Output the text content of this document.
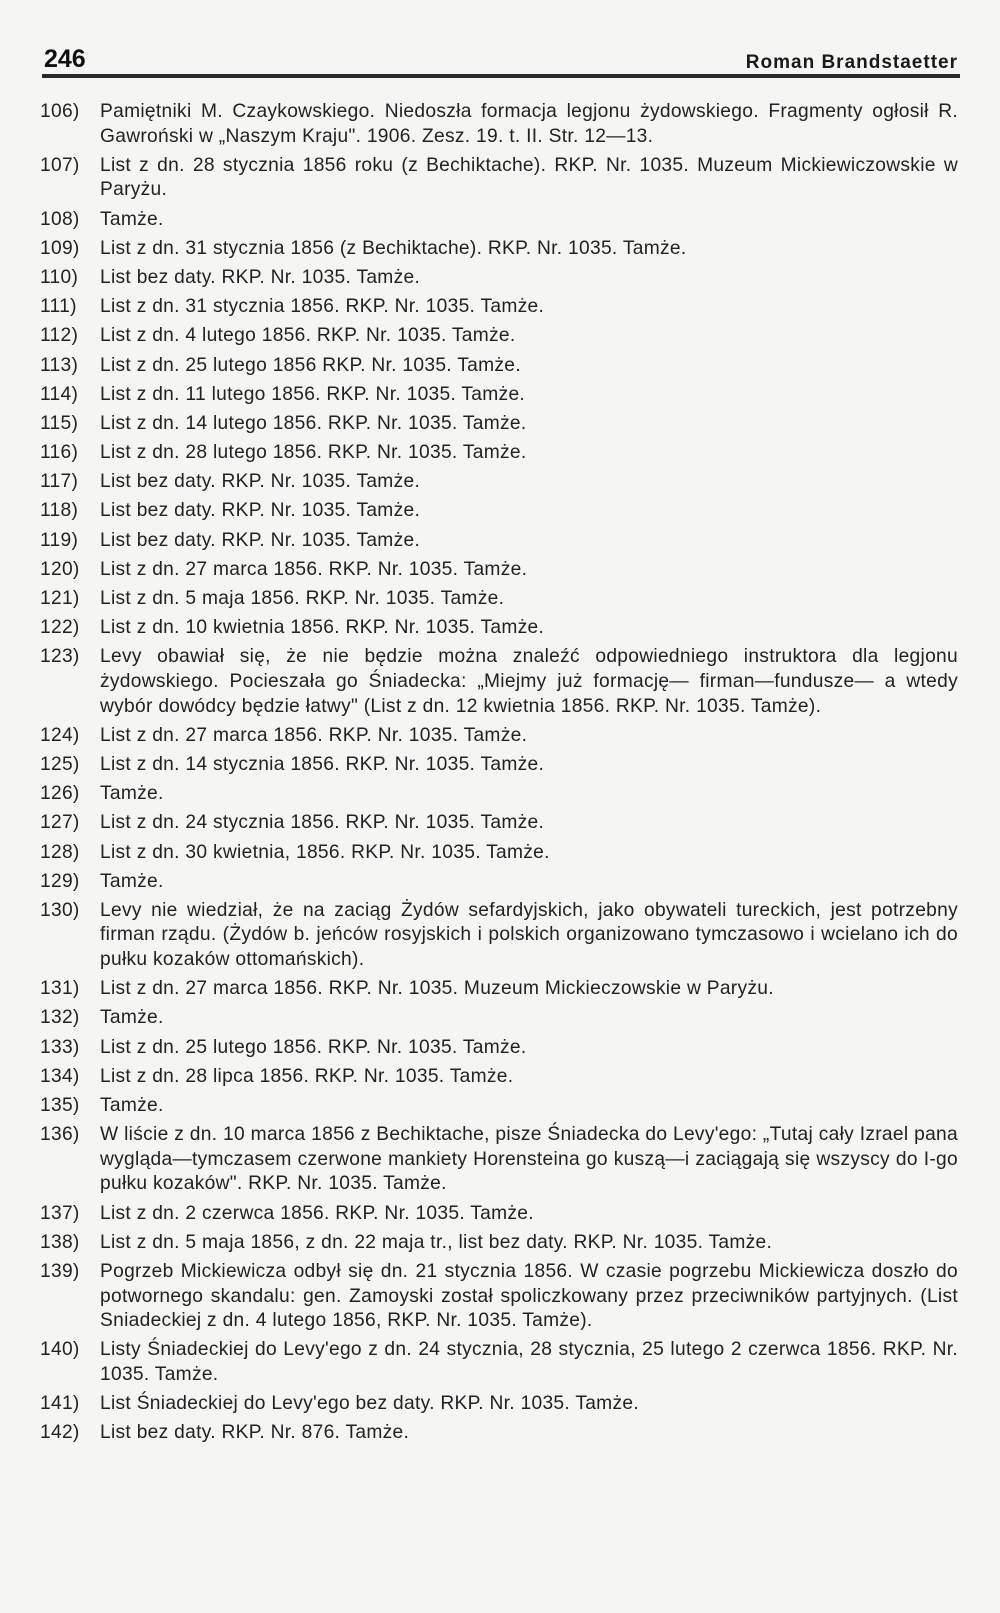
246	Roman Brandstaetter
106)	Pamiętniki M. Czaykowskiego. Niedoszła formacja legjonu żydowskiego. Fragmenty ogłosił R. Gawroński w „Naszym Kraju". 1906. Zesz. 19. t. II. Str. 12—13.
107)	List z dn. 28 stycznia 1856 roku (z Bechiktache). RKP. Nr. 1035. Muzeum Mickiewiczowskie w Paryżu.
108)	Tamże.
109)	List z dn. 31 stycznia 1856 (z Bechiktache). RKP. Nr. 1035. Tamże.
110)	List bez daty. RKP. Nr. 1035. Tamże.
111)	List z dn. 31 stycznia 1856. RKP. Nr. 1035. Tamże.
112)	List z dn. 4 lutego 1856. RKP. Nr. 1035. Tamże.
113)	List z dn. 25 lutego 1856 RKP. Nr. 1035. Tamże.
114)	List z dn. 11 lutego 1856. RKP. Nr. 1035. Tamże.
115)	List z dn. 14 lutego 1856. RKP. Nr. 1035. Tamże.
116)	List z dn. 28 lutego 1856. RKP. Nr. 1035. Tamże.
117)	List bez daty. RKP. Nr. 1035. Tamże.
118)	List bez daty. RKP. Nr. 1035. Tamże.
119)	List bez daty. RKP. Nr. 1035. Tamże.
120)	List z dn. 27 marca 1856. RKP. Nr. 1035. Tamże.
121)	List z dn. 5 maja 1856. RKP. Nr. 1035. Tamże.
122)	List z dn. 10 kwietnia 1856. RKP. Nr. 1035. Tamże.
123)	Levy obawiał się, że nie będzie można znaleźć odpowiedniego instruktora dla legjonu żydowskiego. Pocieszała go Śniadecka: „Miejmy już formację— firman—fundusze— a wtedy wybór dowódcy będzie łatwy" (List z dn. 12 kwietnia 1856. RKP. Nr. 1035. Tamże).
124)	List z dn. 27 marca 1856. RKP. Nr. 1035. Tamże.
125)	List z dn. 14 stycznia 1856. RKP. Nr. 1035. Tamże.
126)	Tamże.
127)	List z dn. 24 stycznia 1856. RKP. Nr. 1035. Tamże.
128)	List z dn. 30 kwietnia, 1856. RKP. Nr. 1035. Tamże.
129)	Tamże.
130)	Levy nie wiedział, że na zaciąg Żydów sefardyjskich, jako obywateli tureckich, jest potrzebny firman rządu. (Żydów b. jeńców rosyjskich i polskich organizowano tymczasowo i wcielano ich do pułku kozaków ottomańskich).
131)	List z dn. 27 marca 1856. RKP. Nr. 1035. Muzeum Mickieczowskie w Paryżu.
132)	Tamże.
133)	List z dn. 25 lutego 1856. RKP. Nr. 1035. Tamże.
134)	List z dn. 28 lipca 1856. RKP. Nr. 1035. Tamże.
135)	Tamże.
136)	W liście z dn. 10 marca 1856 z Bechiktache, pisze Śniadecka do Levy'ego: „Tutaj cały Izrael pana wygląda—tymczasem czerwone mankiety Horensteina go kuszą—i zaciągają się wszyscy do I-go pułku kozaków". RKP. Nr. 1035. Tamże.
137)	List z dn. 2 czerwca 1856. RKP. Nr. 1035. Tamże.
138)	List z dn. 5 maja 1856, z dn. 22 maja tr., list bez daty. RKP. Nr. 1035. Tamże.
139)	Pogrzeb Mickiewicza odbył się dn. 21 stycznia 1856. W czasie pogrzebu Mickiewicza doszło do potwornego skandalu: gen. Zamoyski został spoliczkowany przez przeciwników partyjnych. (List Sniadeckiej z dn. 4 lutego 1856, RKP. Nr. 1035. Tamże).
140)	Listy Śniadeckiej do Levy'ego z dn. 24 stycznia, 28 stycznia, 25 lutego 2 czerwca 1856. RKP. Nr. 1035. Tamże.
141)	List Śniadeckiej do Levy'ego bez daty. RKP. Nr. 1035. Tamże.
142)	List bez daty. RKP. Nr. 876. Tamże.
